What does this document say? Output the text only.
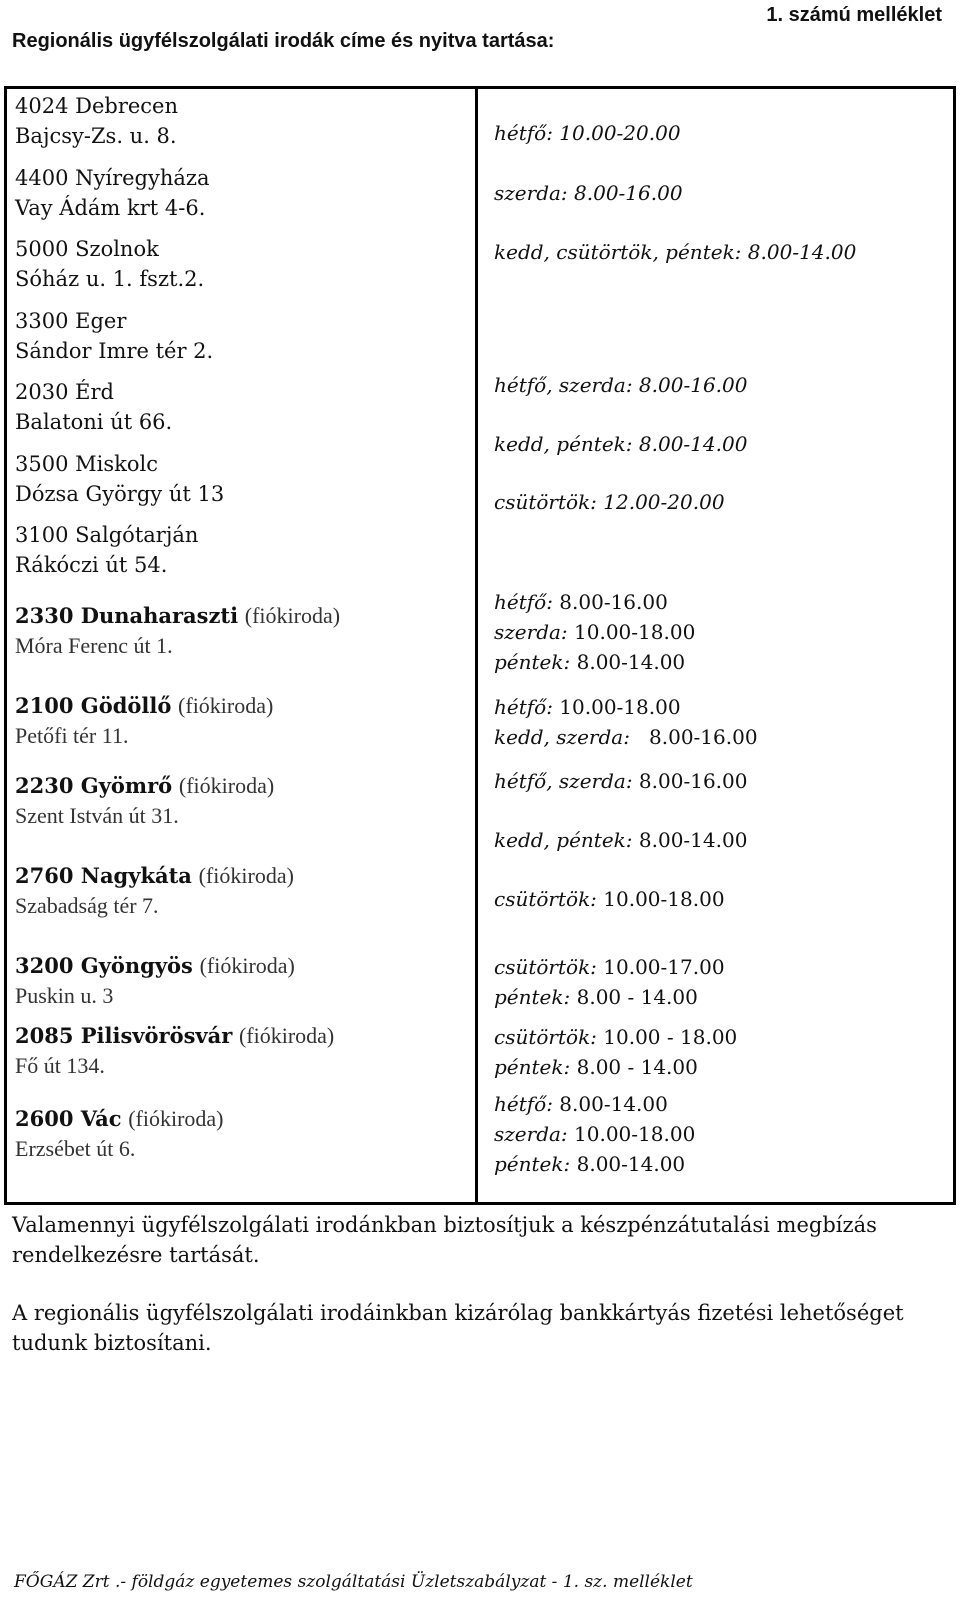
1. számú melléklet
Regionális ügyfélszolgálati irodák címe és nyitva tartása:
4024 Debrecen
Bajcsy-Zs. u. 8.
4400 Nyíregyháza
Vay Ádám krt 4-6.
5000 Szolnok
Sóház u. 1. fszt.2.
3300 Eger
Sándor Imre tér 2.
2030 Érd
Balatoni út 66.
3500 Miskolc
Dózsa György út 13
3100 Salgótarján
Rákóczi út 54.
2330 Dunaharaszti (fiókiroda)
Móra Ferenc út 1.
2100 Gödöllő (fiókiroda)
Petőfi tér 11.
2230 Gyömrő (fiókiroda)
Szent István út 31.
2760 Nagykáta (fiókiroda)
Szabadság tér 7.
3200 Gyöngyös (fiókiroda)
Puskin u. 3
2085 Pilisvörösvár (fiókiroda)
Fő út 134.
2600 Vác (fiókiroda)
Erzsébet út 6.
hétfő: 10.00-20.00
szerda: 8.00-16.00
kedd, csütörtök, péntek: 8.00-14.00
hétfő, szerda: 8.00-16.00
kedd, péntek: 8.00-14.00
csütörtök: 12.00-20.00
hétfő: 8.00-16.00
szerda: 10.00-18.00
péntek: 8.00-14.00
hétfő: 10.00-18.00
kedd, szerda:   8.00-16.00
hétfő, szerda: 8.00-16.00
kedd, péntek: 8.00-14.00
csütörtök: 10.00-18.00
csütörtök: 10.00-17.00
péntek: 8.00 - 14.00
csütörtök: 10.00 - 18.00
péntek: 8.00 - 14.00
hétfő: 8.00-14.00
szerda: 10.00-18.00
péntek: 8.00-14.00
Valamennyi ügyfélszolgálati irodánkban biztosítjuk a készpénzátutalási megbízás rendelkezésre tartását.
A regionális ügyfélszolgálati irodáinkban kizárólag bankkártyás fizetési lehetőséget tudunk biztosítani.
FŐGÁZ Zrt .- földgáz egyetemes szolgáltatási Üzletszabályzat - 1. sz. melléklet
